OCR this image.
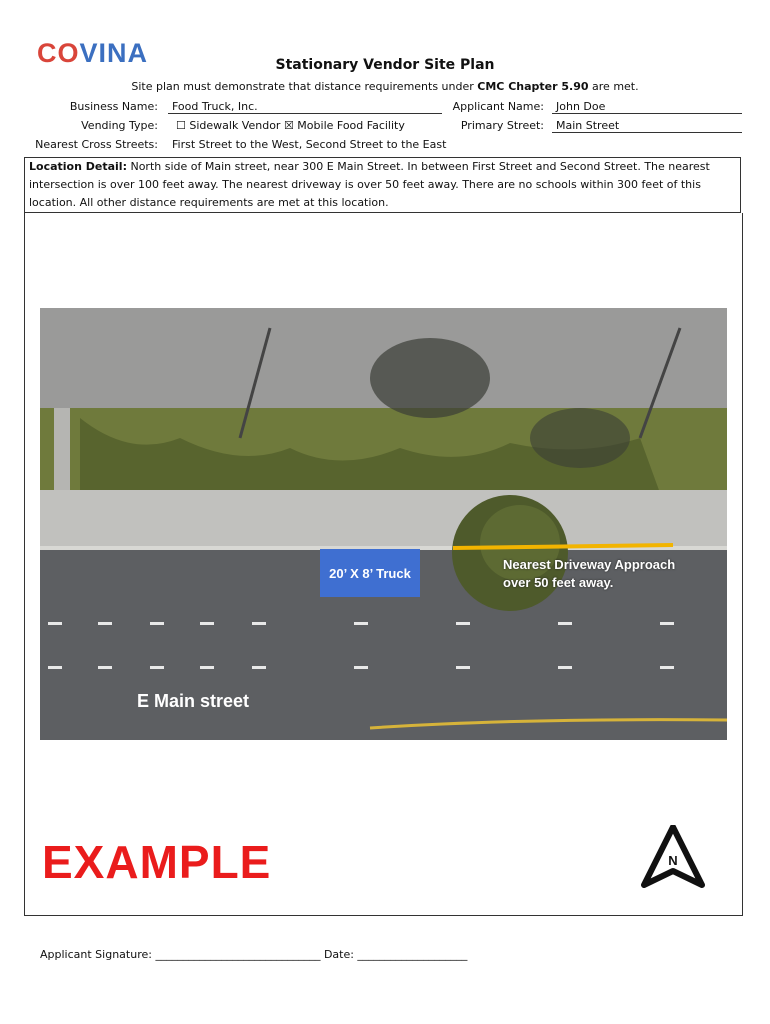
COVINA	Stationary Vendor Site Plan
Site plan must demonstrate that distance requirements under CMC Chapter 5.90 are met.
Business Name:	Food Truck, Inc.	Applicant Name:	John Doe
Vending Type: ☐ Sidewalk Vendor ☒ Mobile Food Facility	Primary Street:	Main Street
Nearest Cross Streets: First Street to the West, Second Street to the East
Location Detail: North side of Main street, near 300 E Main Street. In between First Street and Second Street. The nearest intersection is over 100 feet away. The nearest driveway is over 50 feet away. There are no schools within 300 feet of this location. All other distance requirements are met at this location.
20’ X 8’ Truck
Nearest Driveway Approach
over 50 feet away.
E Main street
EXAMPLE	N
Applicant Signature: ______________________________ Date: ____________________
